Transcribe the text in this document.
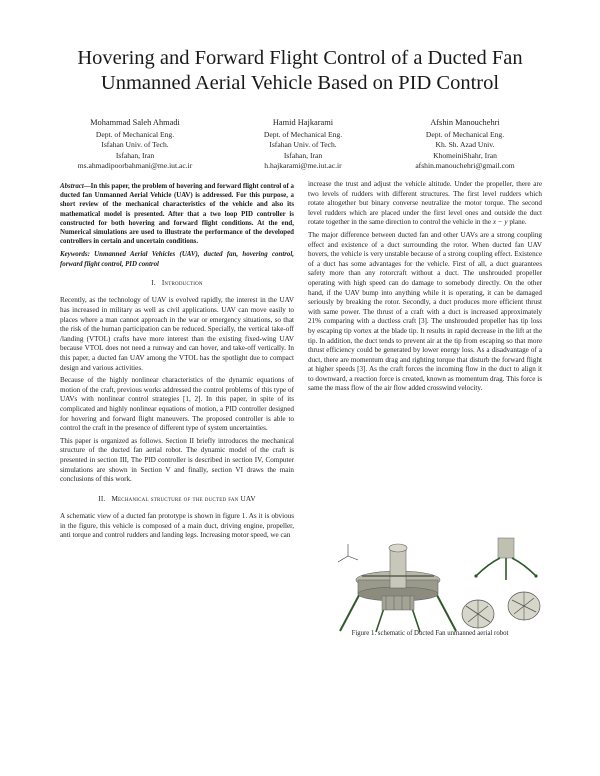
Hovering and Forward Flight Control of a Ducted Fan Unmanned Aerial Vehicle Based on PID Control
Mohammad Saleh Ahmadi
Dept. of Mechanical Eng.
Isfahan Univ. of Tech.
Isfahan, Iran
ms.ahmadipoorbahmani@me.iut.ac.ir
Hamid Hajkarami
Dept. of Mechanical Eng.
Isfahan Univ. of Tech.
Isfahan, Iran
h.hajkarami@me.iut.ac.ir
Afshin Manouchehri
Dept. of Mechanical Eng.
Kh. Sh. Azad Univ.
KhomeiniShahr, Iran
afshin.manouchehri@gmail.com

Abstract—In this paper, the problem of hovering and forward flight control of a ducted fan Unmanned Aerial Vehicle (UAV) is addressed. For this purpose, a short review of the mechanical characteristics of the vehicle and also its mathematical model is presented. After that a two loop PID controller is constructed for both hovering and forward flight conditions. At the end, Numerical simulations are used to illustrate the performance of the developed controllers in certain and uncertain conditions.

Keywords: Unmanned Aerial Vehicles (UAV), ducted fan, hovering control, forward flight control, PID control

I. Introduction

Recently, as the technology of UAV is evolved rapidly, the interest in the UAV has increased in military as well as civil applications. UAV can move easily to places where a man cannot approach in the war or emergency situations, so that the risk of the human participation can be reduced. Specially, the vertical take-off /landing (VTOL) crafts have more interest than the existing fixed-wing UAV because VTOL does not need a runway and can hover, and take-off vertically. In this paper, a ducted fan UAV among the VTOL has the spotlight due to compact design and various activities.

Because of the highly nonlinear characteristics of the dynamic equations of motion of the craft, previous works addressed the control problems of this type of UAVs with nonlinear control strategies [1, 2]. In this paper, in spite of its complicated and highly nonlinear equations of motion, a PID controller designed for hovering and forward flight maneuvers. The proposed controller is able to control the craft in the presence of different type of system uncertainties.

This paper is organized as follows. Section II briefly introduces the mechanical structure of the ducted fan aerial robot. The dynamic model of the craft is presented in section III, The PID controller is described in section IV, Computer simulations are shown in Section V and finally, section VI draws the main conclusions of this work.

II. Mechanical structure of the ducted fan UAV

A schematic view of a ducted fan prototype is shown in figure 1. As it is obvious in the figure, this vehicle is composed of a main duct, driving engine, propeller, anti torque and control rudders and landing legs. Increasing motor speed, we can

increase the trust and adjust the vehicle altitude. Under the propeller, there are two levels of rudders with different structures. The first level rudders which rotate altogether but binary converse neutralize the motor torque. The second level rudders which are placed under the first level ones and outside the duct rotate together in the same direction to control the vehicle in the x − y plane.

The major difference between ducted fan and other UAVs are a strong coupling effect and existence of a duct surrounding the rotor. When ducted fan UAV hovers, the vehicle is very unstable because of a strong coupling effect. Existence of a duct has some advantages for the vehicle. First of all, a duct guarantees safety more than any rotorcraft without a duct. The unshrouded propeller operating with high speed can do damage to somebody directly. On the other hand, if the UAV bump into anything while it is operating, it can be damaged seriously by breaking the rotor. Secondly, a duct produces more efficient thrust with same power. The thrust of a craft with a duct is increased approximately 21% comparing with a ductless craft [3]. The unshrouded propeller has tip loss by escaping tip vortex at the blade tip. It results in rapid decrease in the lift at the tip. In addition, the duct tends to prevent air at the tip from escaping so that more thrust efficiency could be generated by lower energy loss. As a disadvantage of a duct, there are momentum drag and righting torque that disturb the forward flight at higher speeds [3]. As the craft forces the incoming flow in the duct to align it to downward, a reaction force is created, known as momentum drag. This force is same the mass flow of the air flow added crosswind velocity.

Figure 1. schematic of Ducted Fan unmanned aerial robot
